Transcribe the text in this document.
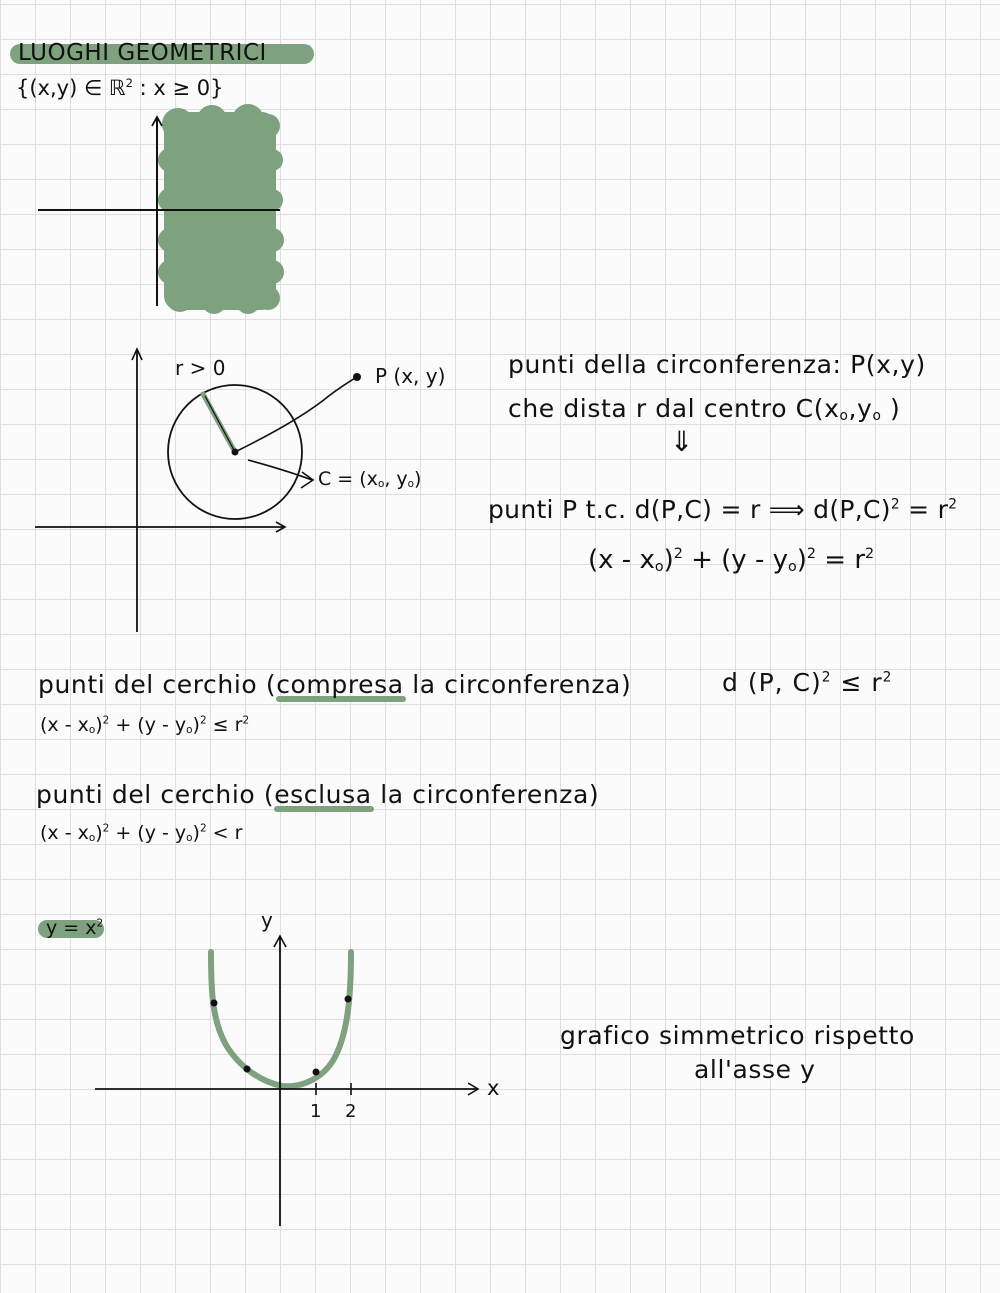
LUOGHI GEOMETRICI
{(x,y) ∈ ℝ$^2$ : x ≥ 0}
r > 0	P (x, y)
$C = (x_o$, $y_o$)
punti della circonferenza: P(x,y)
che dista r dal centro $C(x_o,y_o$ )
⇓
punti P t.c. d(P,C) = r ⟹ $d(P,C)^2 = r^2$
$(x - x_o)^2 + (y - y_o)^2 = r^2$
punti del cerchio (compresa la circonferenza)	d (P, $C)^2 \le r^2$
$(x - x_o)^2 + (y - y_o)^2 \le r^2$
punti del cerchio (esclusa la circonferenza)
$(x - x_o)^2 + (y - y_o)^2 < r$
$y = x^2$	y
x
1 2
grafico simmetrico rispetto
all'asse y
